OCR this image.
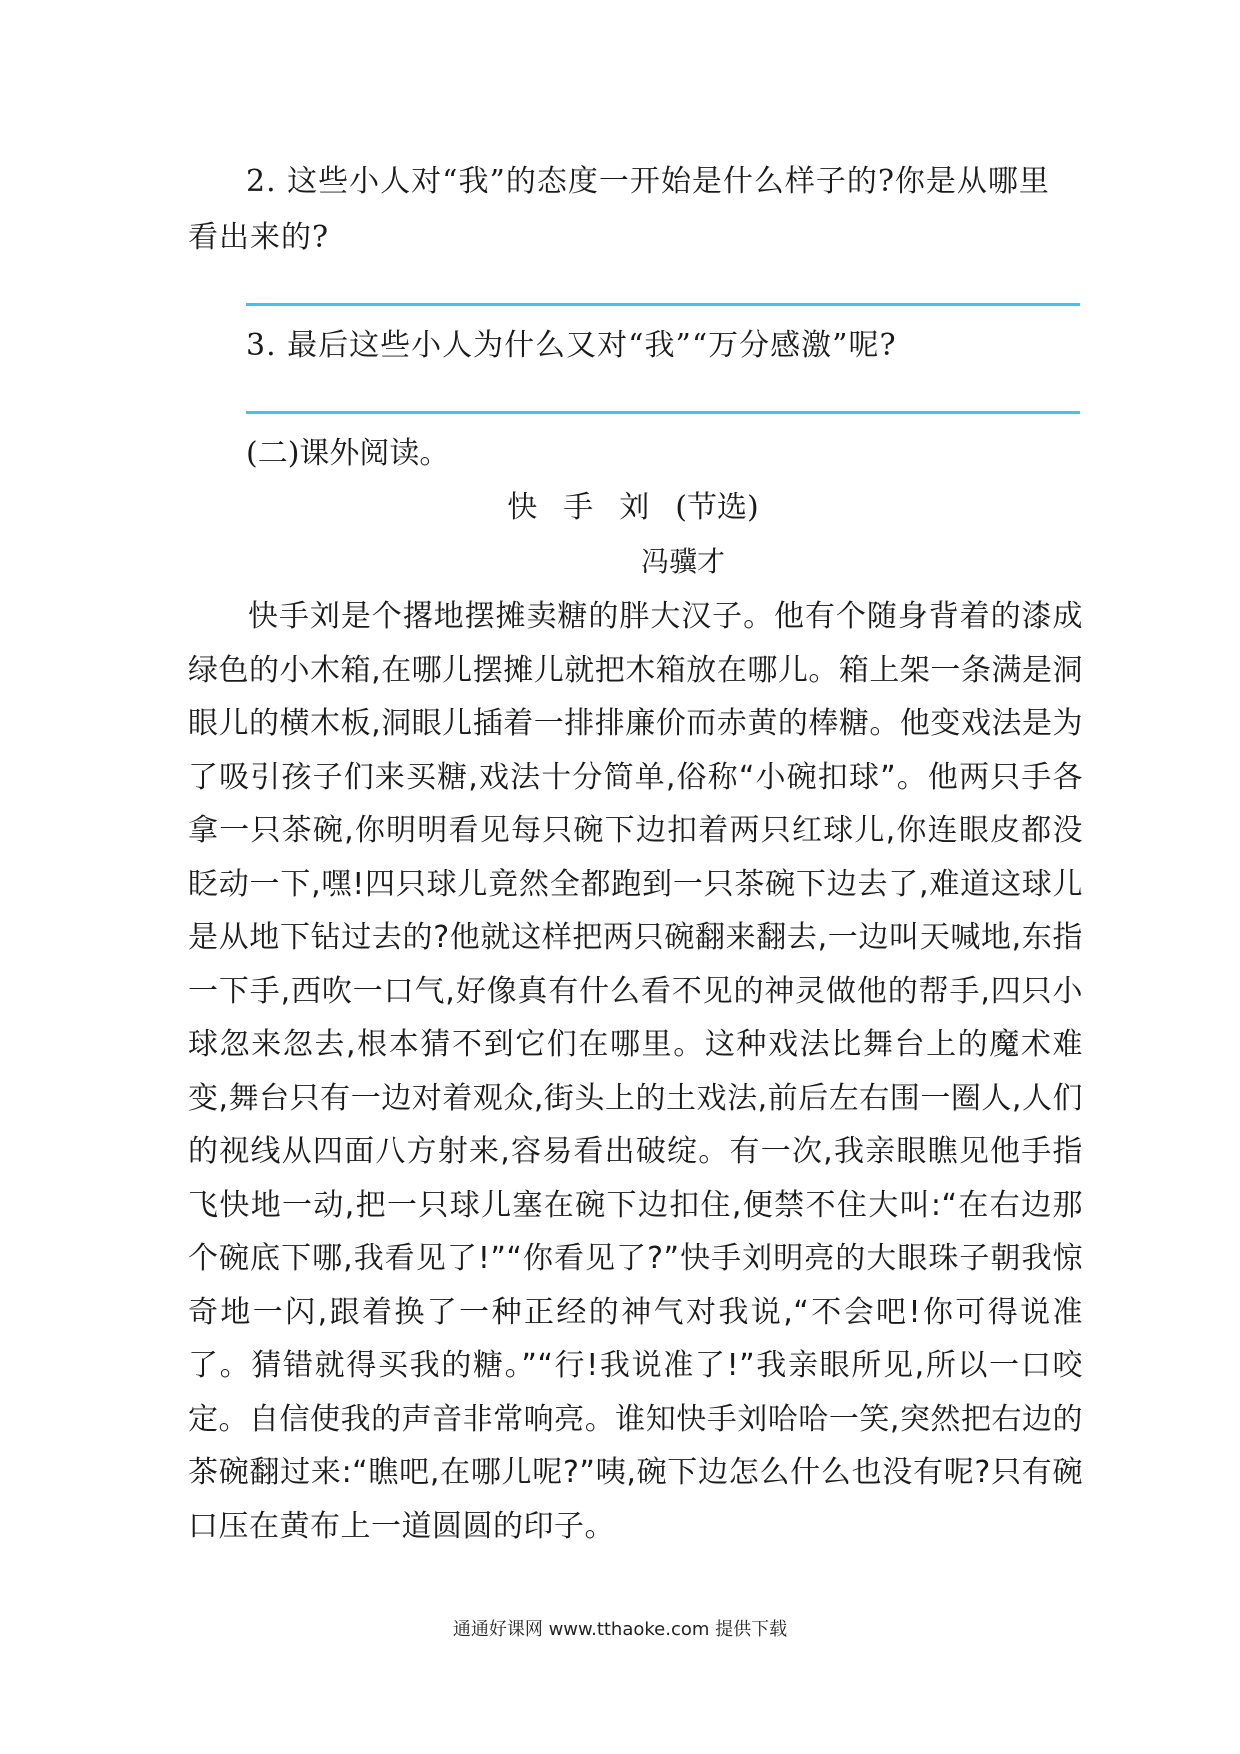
2. 这些小人对“我”的态度一开始是什么样子的?你是从哪里看出来的?
3. 最后这些小人为什么又对“我”“万分感激”呢?
(二)课外阅读。
快手刘(节选)
冯骥才

快手刘是个撂地摆摊卖糖的胖大汉子。他有个随身背着的漆成绿色的小木箱,在哪儿摆摊儿就把木箱放在哪儿。箱上架一条满是洞眼儿的横木板,洞眼儿插着一排排廉价而赤黄的棒糖。他变戏法是为了吸引孩子们来买糖,戏法十分简单,俗称“小碗扣球”。他两只手各拿一只茶碗,你明明看见每只碗下边扣着两只红球儿,你连眼皮都没眨动一下,嘿!四只球儿竟然全都跑到一只茶碗下边去了,难道这球儿是从地下钻过去的?他就这样把两只碗翻来翻去,一边叫天喊地,东指一下手,西吹一口气,好像真有什么看不见的神灵做他的帮手,四只小球忽来忽去,根本猜不到它们在哪里。这种戏法比舞台上的魔术难变,舞台只有一边对着观众,街头上的土戏法,前后左右围一圈人,人们的视线从四面八方射来,容易看出破绽。有一次,我亲眼瞧见他手指飞快地一动,把一只球儿塞在碗下边扣住,便禁不住大叫:“在右边那个碗底下哪,我看见了!”“你看见了?”快手刘明亮的大眼珠子朝我惊奇地一闪,跟着换了一种正经的神气对我说,“不会吧!你可得说准了。猜错就得买我的糖。”“行!我说准了!”我亲眼所见,所以一口咬定。自信使我的声音非常响亮。谁知快手刘哈哈一笑,突然把右边的茶碗翻过来:“瞧吧,在哪儿呢?”咦,碗下边怎么什么也没有呢?只有碗口压在黄布上一道圆圆的印子。

通通好课网 www.tthaoke.com 提供下载
